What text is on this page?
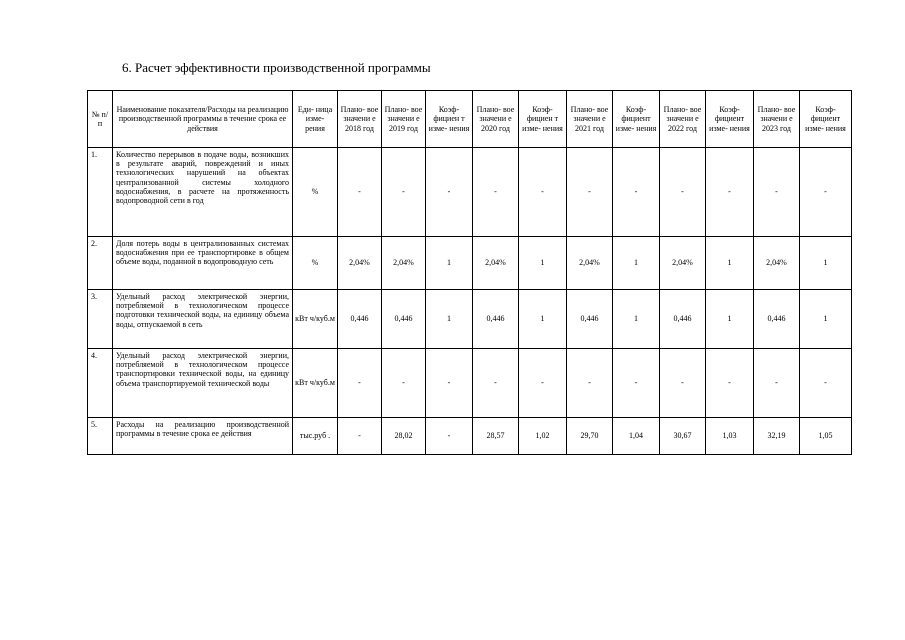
6. Расчет эффективности производственной программы
№ п/ п	Наименование показателя/Расходы на реализацию производственной программы в течение срока ее действия	Еди- ница изме- рения	Плано- вое значени е 2018 год	Плано- вое значени е 2019 год	Коэф- фициен т изме- нения	Плано- вое значени е 2020 год	Коэф- фициен т изме- нения	Плано- вое значени е 2021 год	Коэф- фициент изме- нения	Плано- вое значени е 2022 год	Коэф- фициент изме- нения	Плано- вое значени е 2023 год	Коэф- фициент изме- нения
1.	Количество перерывов в подаче воды, возникших в результате аварий, повреждений и иных технологических нарушений на объектах централизованной системы холодного водоснабжения, в расчете на протяженность водопроводной сети в год	%	-	-	-	-	-	-	-	-	-	-	-
2.	Доля потерь воды в централизованных системах водоснабжения при ее транспортировке в общем объеме воды, поданной в водопроводную сеть	%	2,04%	2,04%	1	2,04%	1	2,04%	1	2,04%	1	2,04%	1
3.	Удельный расход электрической энергии, потребляемой в технологическом процессе подготовки технической воды, на единицу объема воды, отпускаемой в сеть	кВт ч/куб.м	0,446	0,446	1	0,446	1	0,446	1	0,446	1	0,446	1
4.	Удельный расход электрической энергии, потребляемой в технологическом процессе транспортировки технической воды, на единицу объема транспортируемой технической воды	кВт ч/куб.м	-	-	-	-	-	-	-	-	-	-	-
5.	Расходы на реализацию производственной программы в течение срока ее действия	тыс.руб .	-	28,02	-	28,57	1,02	29,70	1,04	30,67	1,03	32,19	1,05
